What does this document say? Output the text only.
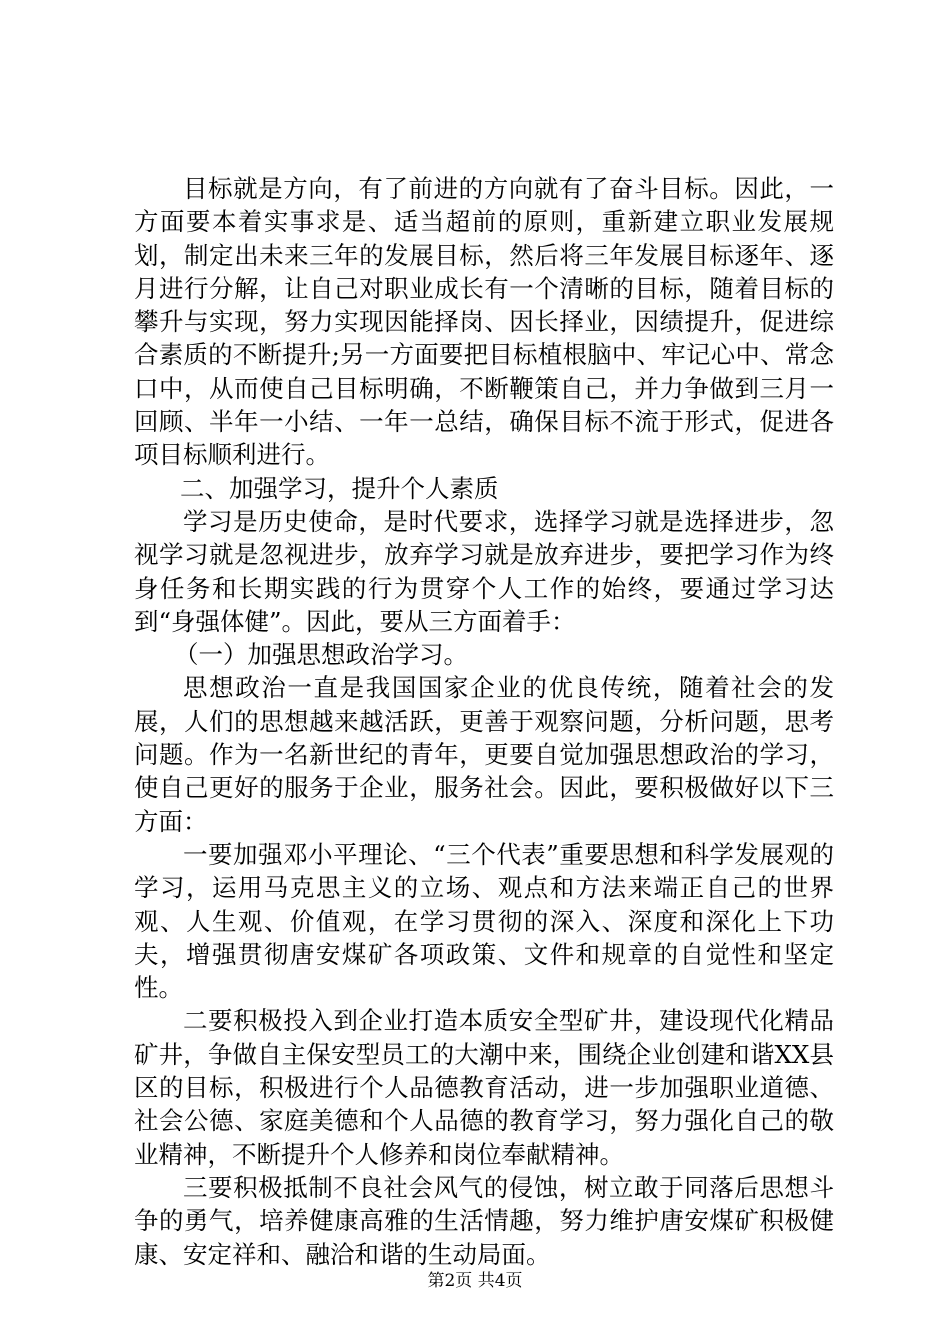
目标就是方向，有了前进的方向就有了奋斗目标。因此，一方面要本着实事求是、适当超前的原则，重新建立职业发展规划，制定出未来三年的发展目标，然后将三年发展目标逐年、逐月进行分解，让自己对职业成长有一个清晰的目标，随着目标的攀升与实现，努力实现因能择岗、因长择业，因绩提升，促进综合素质的不断提升;另一方面要把目标植根脑中、牢记心中、常念口中，从而使自己目标明确，不断鞭策自己，并力争做到三月一回顾、半年一小结、一年一总结，确保目标不流于形式，促进各项目标顺利进行。

二、加强学习，提升个人素质

学习是历史使命，是时代要求，选择学习就是选择进步，忽视学习就是忽视进步，放弃学习就是放弃进步，要把学习作为终身任务和长期实践的行为贯穿个人工作的始终，要通过学习达到“身强体健”。因此，要从三方面着手：

（一）加强思想政治学习。

思想政治一直是我国国家企业的优良传统，随着社会的发展，人们的思想越来越活跃，更善于观察问题，分析问题，思考问题。作为一名新世纪的青年，更要自觉加强思想政治的学习，使自己更好的服务于企业，服务社会。因此，要积极做好以下三方面：

一要加强邓小平理论、“三个代表”重要思想和科学发展观的学习，运用马克思主义的立场、观点和方法来端正自己的世界观、人生观、价值观，在学习贯彻的深入、深度和深化上下功夫，增强贯彻唐安煤矿各项政策、文件和规章的自觉性和坚定性。

二要积极投入到企业打造本质安全型矿井，建设现代化精品矿井，争做自主保安型员工的大潮中来，围绕企业创建和谐XX县区的目标，积极进行个人品德教育活动，进一步加强职业道德、社会公德、家庭美德和个人品德的教育学习，努力强化自己的敬业精神，不断提升个人修养和岗位奉献精神。

三要积极抵制不良社会风气的侵蚀，树立敢于同落后思想斗争的勇气，培养健康高雅的生活情趣，努力维护唐安煤矿积极健康、安定祥和、融洽和谐的生动局面。

第2页 共4页
